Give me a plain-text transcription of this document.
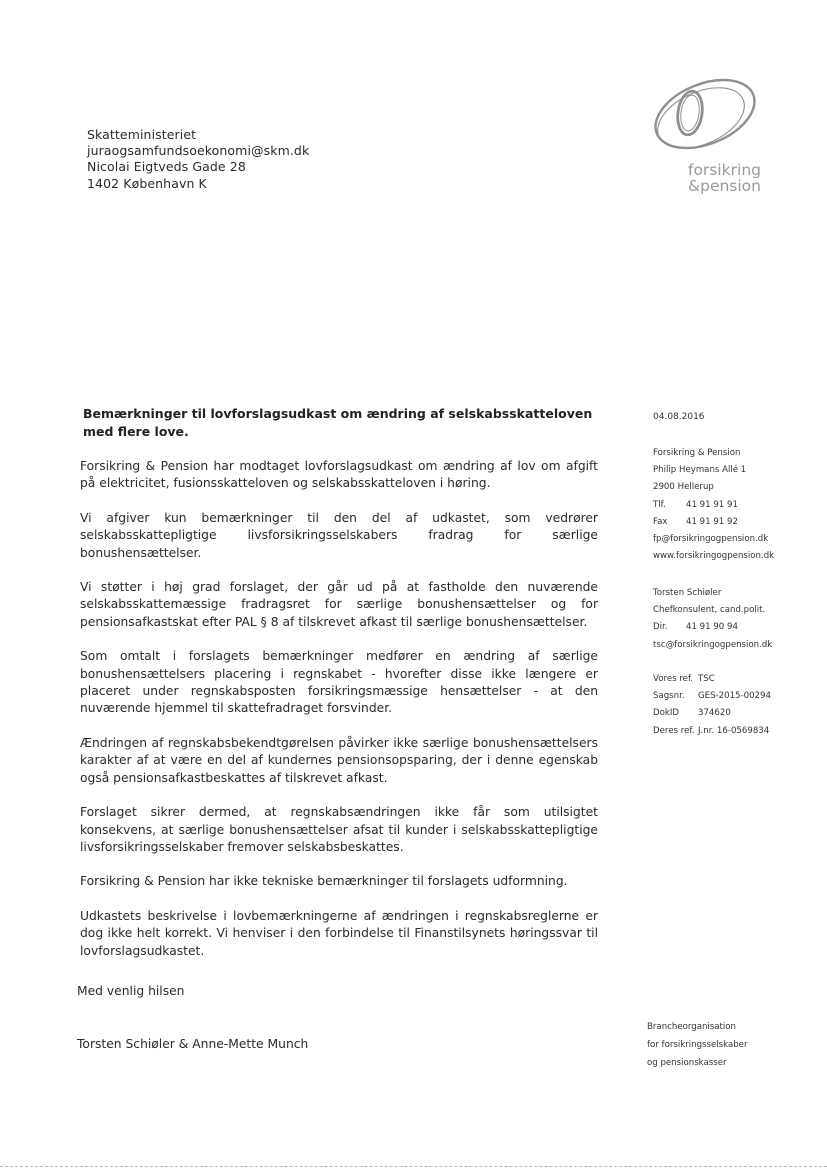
Skatteministeriet
juraogsamfundsoekonomi@skm.dk
Nicolai Eigtveds Gade 28
1402 København K
forsikring
&pension
Bemærkninger til lovforslagsudkast om ændring af selskabsskatteloven med flere love.

Forsikring & Pension har modtaget lovforslagsudkast om ændring af lov om afgift på elektricitet, fusionsskatteloven og selskabsskatteloven i høring.

Vi afgiver kun bemærkninger til den del af udkastet, som vedrører selskabsskattepligtige livsforsikringsselskabers fradrag for særlige bonushensættelser.

Vi støtter i høj grad forslaget, der går ud på at fastholde den nuværende selskabsskattemæssige fradragsret for særlige bonushensættelser og for pensionsafkastskat efter PAL § 8 af tilskrevet afkast til særlige bonushensættelser.

Som omtalt i forslagets bemærkninger medfører en ændring af særlige bonushensættelsers placering i regnskabet - hvorefter disse ikke længere er placeret under regnskabsposten forsikringsmæssige hensættelser - at den nuværende hjemmel til skattefradraget forsvinder.

Ændringen af regnskabsbekendtgørelsen påvirker ikke særlige bonushensættelsers karakter af at være en del af kundernes pensionsopsparing, der i denne egenskab også pensionsafkastbeskattes af tilskrevet afkast.

Forslaget sikrer dermed, at regnskabsændringen ikke får som utilsigtet konsekvens, at særlige bonushensættelser afsat til kunder i selskabsskattepligtige livsforsikringsselskaber fremover selskabsbeskattes.

Forsikring & Pension har ikke tekniske bemærkninger til forslagets udformning.

Udkastets beskrivelse i lovbemærkningerne af ændringen i regnskabsreglerne er dog ikke helt korrekt. Vi henviser i den forbindelse til Finanstilsynets høringssvar til lovforslagsudkastet.

Med venlig hilsen
Torsten Schiøler & Anne-Mette Munch
04.08.2016
Forsikring & Pension
Philip Heymans Allé 1
2900 Hellerup
Tlf.	41 91 91 91
Fax	41 91 91 92
fp@forsikringogpension.dk
www.forsikringogpension.dk
Torsten Schiøler
Chefkonsulent, cand.polit.
Dir.	41 91 90 94
tsc@forsikringogpension.dk
Vores ref. TSC
Sagsnr.	GES-2015-00294
DokID	374620
Deres ref. J.nr. 16-0569834
Brancheorganisation
for forsikringsselskaber
og pensionskasser
